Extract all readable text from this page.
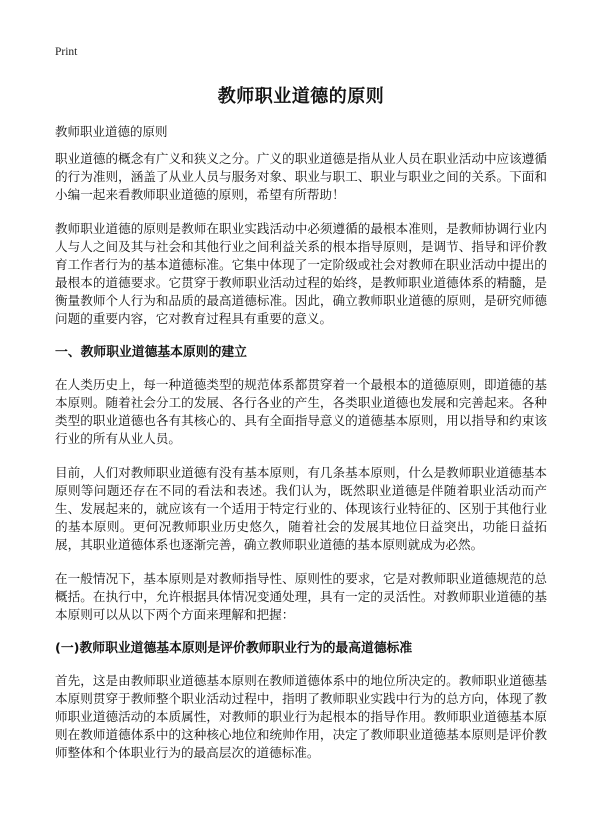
Print
教师职业道德的原则

教师职业道德的原则

职业道德的概念有广义和狭义之分。广义的职业道德是指从业人员在职业活动中应该遵循的行为准则，涵盖了从业人员与服务对象、职业与职工、职业与职业之间的关系。下面和小编一起来看教师职业道德的原则，希望有所帮助！

教师职业道德的原则是教师在职业实践活动中必须遵循的最根本准则，是教师协调行业内人与人之间及其与社会和其他行业之间利益关系的根本指导原则，是调节、指导和评价教育工作者行为的基本道德标准。它集中体现了一定阶级或社会对教师在职业活动中提出的最根本的道德要求。它贯穿于教师职业活动过程的始终，是教师职业道德体系的精髓，是衡量教师个人行为和品质的最高道德标准。因此，确立教师职业道德的原则，是研究师德问题的重要内容，它对教育过程具有重要的意义。

一、教师职业道德基本原则的建立

在人类历史上，每一种道德类型的规范体系都贯穿着一个最根本的道德原则，即道德的基本原则。随着社会分工的发展、各行各业的产生，各类职业道德也发展和完善起来。各种类型的职业道德也各有其核心的、具有全面指导意义的道德基本原则，用以指导和约束该行业的所有从业人员。

目前，人们对教师职业道德有没有基本原则，有几条基本原则，什么是教师职业道德基本原则等问题还存在不同的看法和表述。我们认为，既然职业道德是伴随着职业活动而产生、发展起来的，就应该有一个适用于特定行业的、体现该行业特征的、区别于其他行业的基本原则。更何况教师职业历史悠久，随着社会的发展其地位日益突出，功能日益拓展，其职业道德体系也逐渐完善，确立教师职业道德的基本原则就成为必然。

在一般情况下，基本原则是对教师指导性、原则性的要求，它是对教师职业道德规范的总概括。在执行中，允许根据具体情况变通处理，具有一定的灵活性。对教师职业道德的基本原则可以从以下两个方面来理解和把握：

(一)教师职业道德基本原则是评价教师职业行为的最高道德标准

首先，这是由教师职业道德基本原则在教师道德体系中的地位所决定的。教师职业道德基本原则贯穿于教师整个职业活动过程中，指明了教师职业实践中行为的总方向，体现了教师职业道德活动的本质属性，对教师的职业行为起根本的指导作用。教师职业道德基本原则在教师道德体系中的这种核心地位和统帅作用，决定了教师职业道德基本原则是评价教师整体和个体职业行为的最高层次的道德标准。
